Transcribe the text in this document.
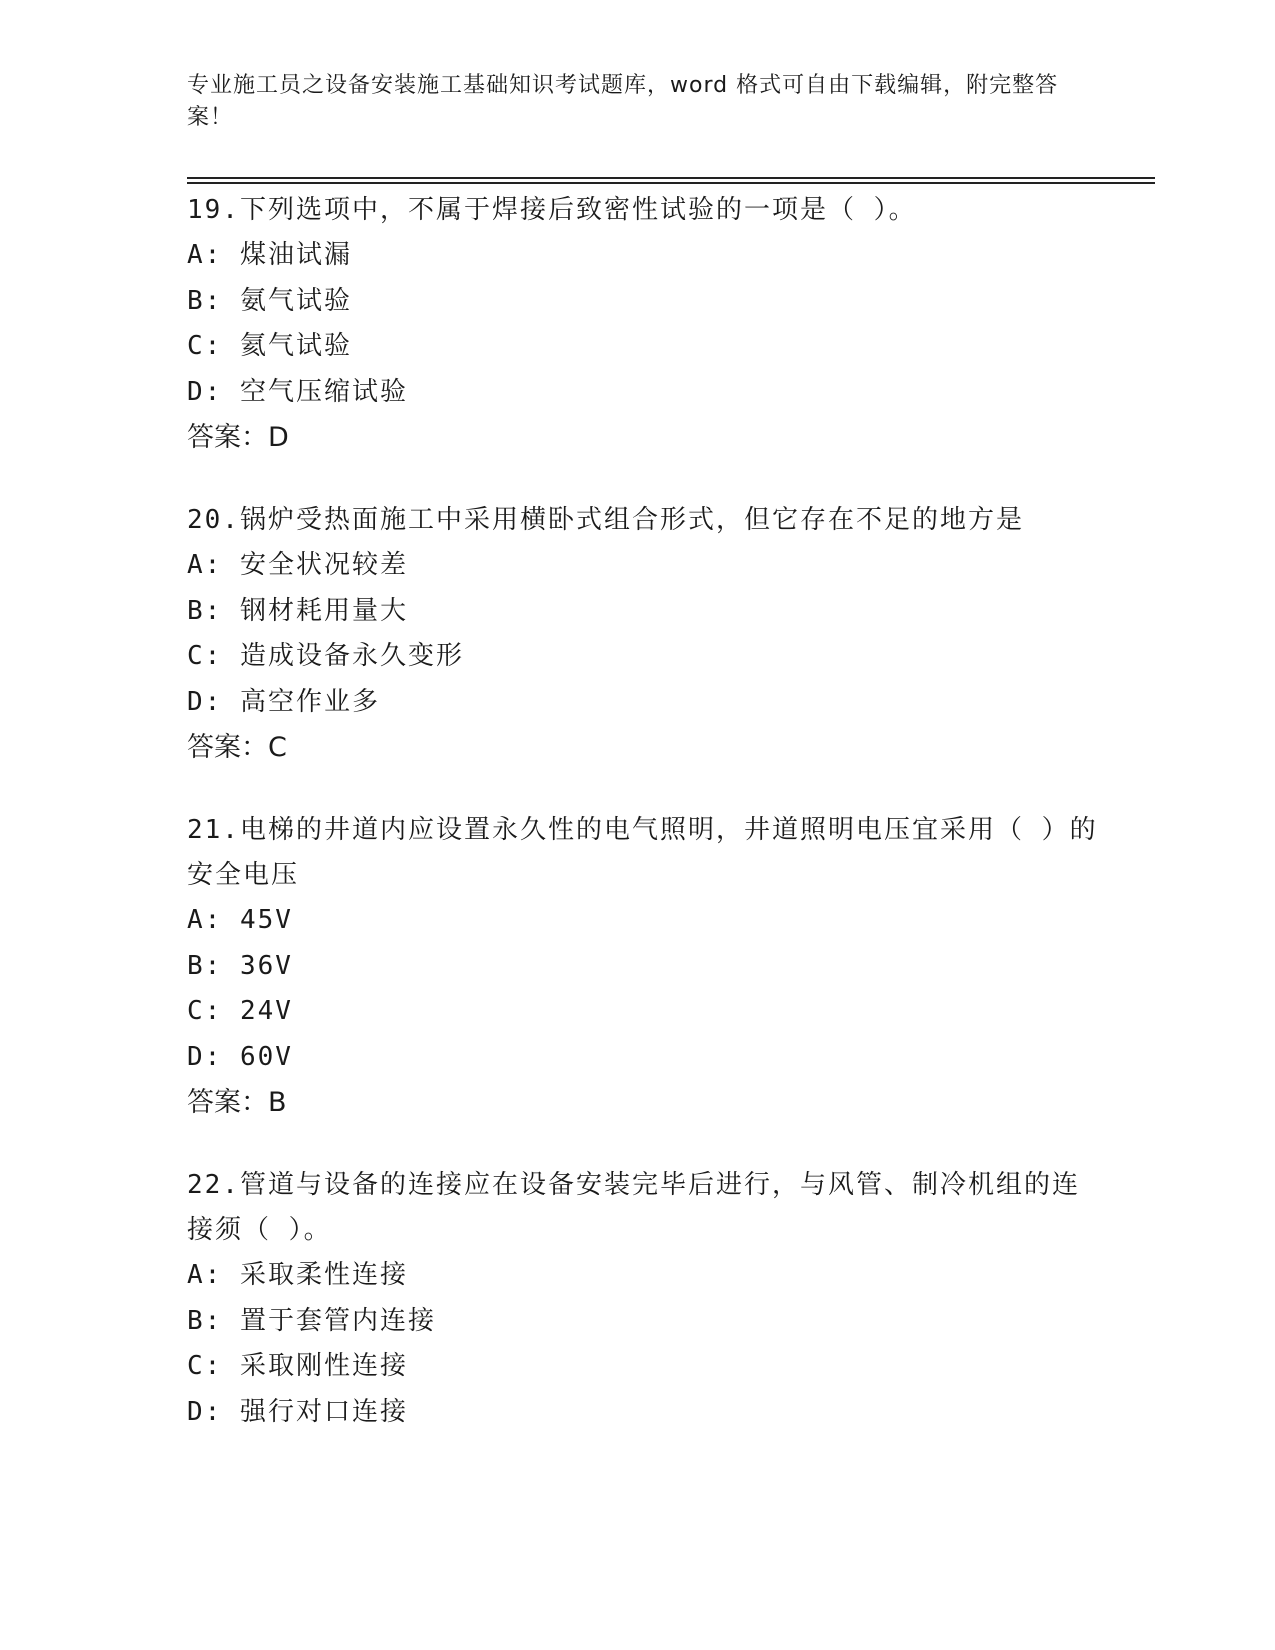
专业施工员之设备安装施工基础知识考试题库，word 格式可自由下载编辑，附完整答案！

19.下列选项中，不属于焊接后致密性试验的一项是（ ）。

A: 煤油试漏

B: 氨气试验

C: 氦气试验

D: 空气压缩试验

答案：D

20.锅炉受热面施工中采用横卧式组合形式，但它存在不足的地方是

A: 安全状况较差

B: 钢材耗用量大

C: 造成设备永久变形

D: 高空作业多

答案：C

21.电梯的井道内应设置永久性的电气照明，井道照明电压宜采用（ ）的安全电压

A: 45V

B: 36V

C: 24V

D: 60V

答案：B

22.管道与设备的连接应在设备安装完毕后进行，与风管、制冷机组的连接须（ ）。

A: 采取柔性连接

B: 置于套管内连接

C: 采取刚性连接

D: 强行对口连接
